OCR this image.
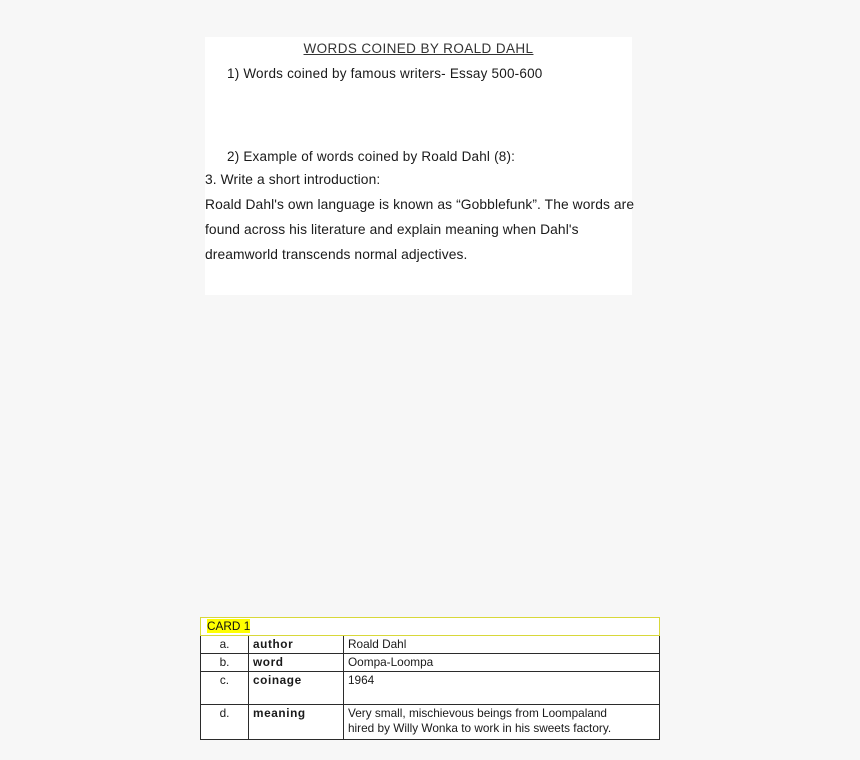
WORDS COINED BY ROALD DAHL
1) Words coined by famous writers- Essay 500-600
2) Example of words coined by Roald Dahl (8):
3. Write a short introduction:
Roald Dahl's own language is known as “Gobblefunk”. The words are
found across his literature and explain meaning when Dahl's
dreamworld transcends normal adjectives.
CARD 1		
a.	author	Roald Dahl
b.	word	Oompa-Loompa
c.	coinage	1964
d.	meaning	Very small, mischievous beings from Loompaland
hired by Willy Wonka to work in his sweets factory.
